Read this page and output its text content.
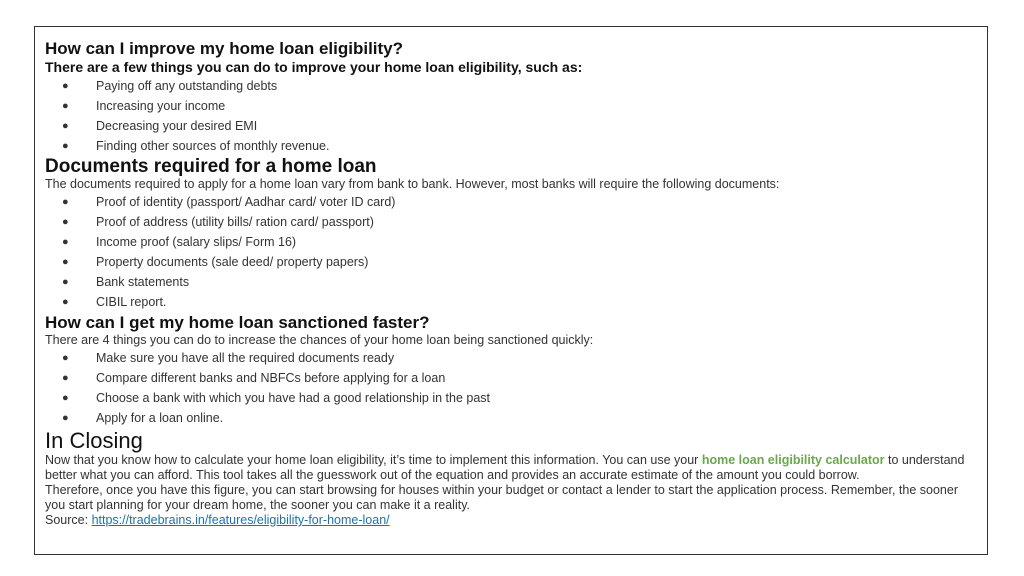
How can I improve my home loan eligibility?

There are a few things you can do to improve your home loan eligibility, such as:

● Paying off any outstanding debts
● Increasing your income
● Decreasing your desired EMI
● Finding other sources of monthly revenue.
Documents required for a home loan

The documents required to apply for a home loan vary from bank to bank. However, most banks will require the following documents:

● Proof of identity (passport/ Aadhar card/ voter ID card)
● Proof of address (utility bills/ ration card/ passport)
● Income proof (salary slips/ Form 16)
● Property documents (sale deed/ property papers)
● Bank statements
● CIBIL report.
How can I get my home loan sanctioned faster?

There are 4 things you can do to increase the chances of your home loan being sanctioned quickly:

● Make sure you have all the required documents ready
● Compare different banks and NBFCs before applying for a loan
● Choose a bank with which you have had a good relationship in the past
● Apply for a loan online.
In Closing

Now that you know how to calculate your home loan eligibility, it’s time to implement this information. You can use your home loan eligibility calculator to understand better what you can afford. This tool takes all the guesswork out of the equation and provides an accurate estimate of the amount you could borrow.

Therefore, once you have this figure, you can start browsing for houses within your budget or contact a lender to start the application process. Remember, the sooner you start planning for your dream home, the sooner you can make it a reality.

Source: https://tradebrains.in/features/eligibility-for-home-loan/
